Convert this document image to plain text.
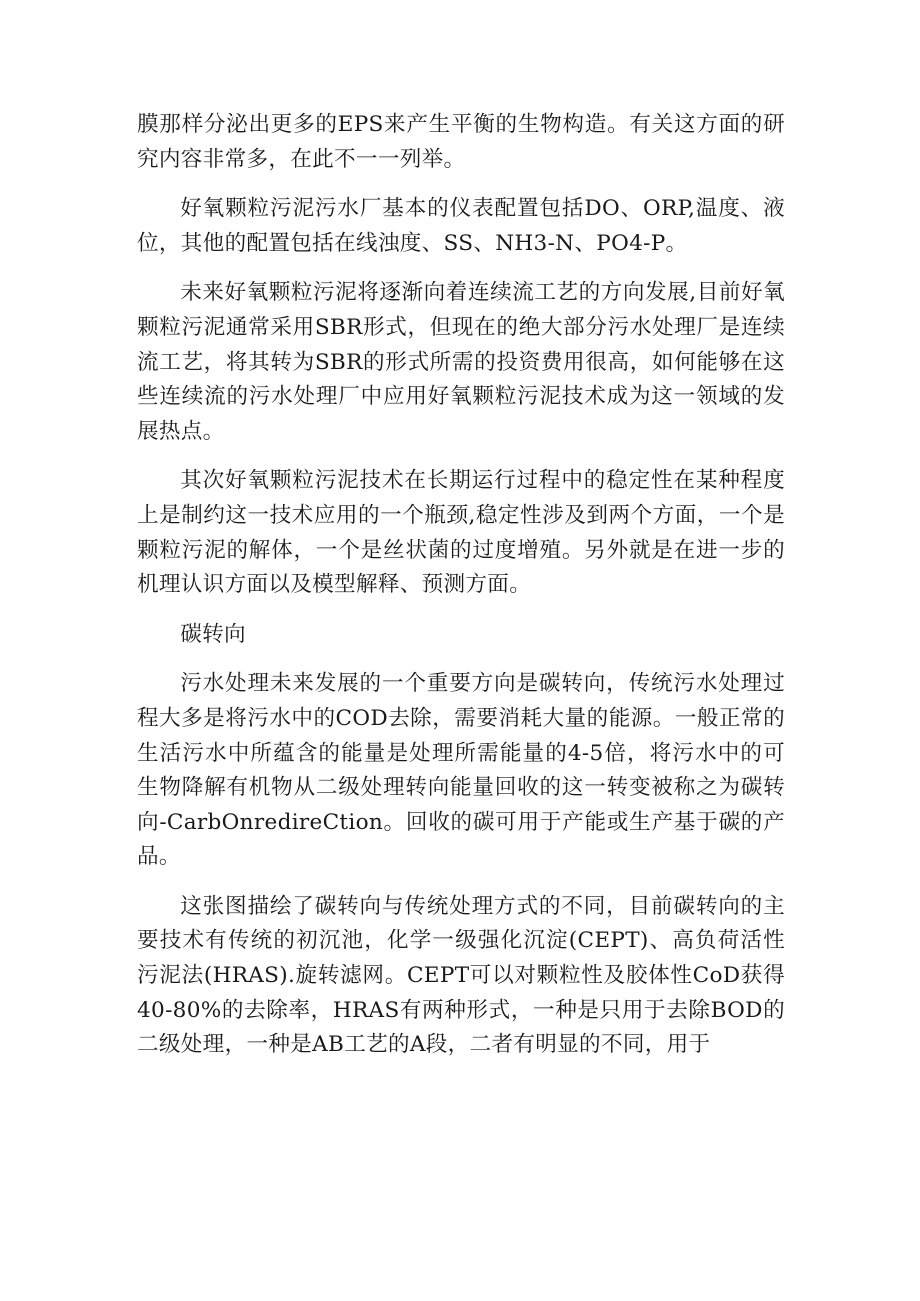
膜那样分泌出更多的EPS来产生平衡的生物构造。有关这方面的研究内容非常多，在此不一一列举。

好氧颗粒污泥污水厂基本的仪表配置包括DO、ORP,温度、液位，其他的配置包括在线浊度、SS、NH3-N、PO4-P。

未来好氧颗粒污泥将逐渐向着连续流工艺的方向发展,目前好氧颗粒污泥通常采用SBR形式，但现在的绝大部分污水处理厂是连续流工艺，将其转为SBR的形式所需的投资费用很高，如何能够在这些连续流的污水处理厂中应用好氧颗粒污泥技术成为这一领域的发展热点。

其次好氧颗粒污泥技术在长期运行过程中的稳定性在某种程度上是制约这一技术应用的一个瓶颈,稳定性涉及到两个方面，一个是颗粒污泥的解体，一个是丝状菌的过度增殖。另外就是在进一步的机理认识方面以及模型解释、预测方面。

碳转向

污水处理未来发展的一个重要方向是碳转向，传统污水处理过程大多是将污水中的COD去除，需要消耗大量的能源。一般正常的生活污水中所蕴含的能量是处理所需能量的4-5倍，将污水中的可生物降解有机物从二级处理转向能量回收的这一转变被称之为碳转向-CarbOnredireCtion。回收的碳可用于产能或生产基于碳的产品。

这张图描绘了碳转向与传统处理方式的不同，目前碳转向的主要技术有传统的初沉池，化学一级强化沉淀(CEPT)、高负荷活性污泥法(HRAS).旋转滤网。CEPT可以对颗粒性及胶体性CoD获得40-80%的去除率，HRAS有两种形式，一种是只用于去除BOD的二级处理，一种是AB工艺的A段，二者有明显的不同，用于
